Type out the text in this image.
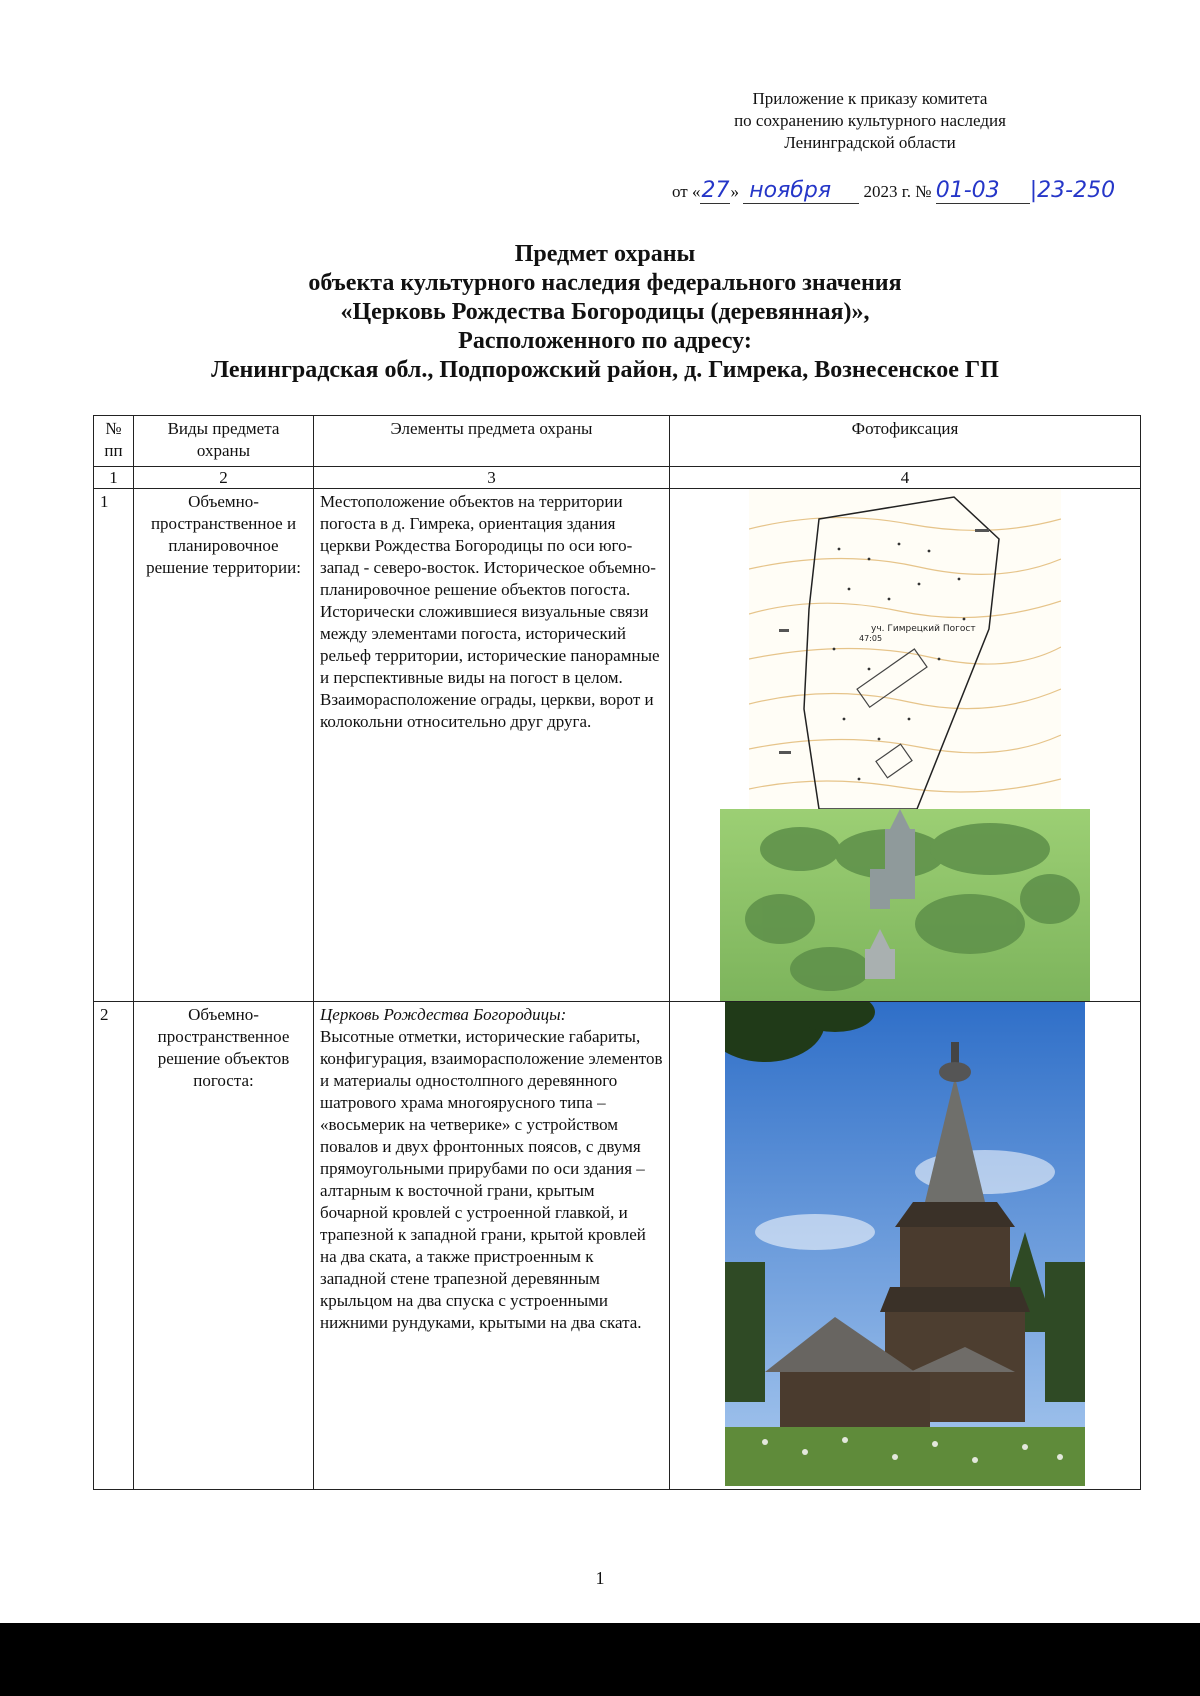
Приложение к приказу комитета
по сохранению культурного наследия
Ленинградской области
от «27» ноября 2023 г. № 01-03 |23-250
Предмет охраны
объекта культурного наследия федерального значения
«Церковь Рождества Богородицы (деревянная)»,
Расположенного по адресу:
Ленинградская обл., Подпорожский район, д. Гимрека, Вознесенское ГП
№ пп	Виды предмета охраны	Элементы предмета охраны	Фотофиксация
1	2	3	4
1	Объемно-пространственное и планировочное решение территории:	Местоположение объектов на территории погоста в д. Гимрека, ориентация здания церкви Рождества Богородицы по оси юго-запад - северо-восток. Историческое объемно-планировочное решение объектов погоста. Исторически сложившиеся визуальные связи между элементами погоста, исторический рельеф территории, исторические панорамные и перспективные виды на погост в целом. Взаиморасположение ограды, церкви, ворот и колокольни относительно друг друга.	уч. Гимрецкий Погост
47:05

2	Объемно-пространственное решение объектов погоста:	Церковь Рождества Богородицы:
Высотные отметки, исторические габариты, конфигурация, взаиморасположение элементов и материалы одностолпного деревянного шатрового храма многоярусного типа – «восьмерик на четверике» с устройством повалов и двух фронтонных поясов, с двумя прямоугольными прирубами по оси здания – алтарным к восточной грани, крытым бочарной кровлей с устроенной главкой, и трапезной к западной грани, крытой кровлей на два ската, а также пристроенным к западной стене трапезной деревянным крыльцом на два спуска с устроенными нижними рундуками, крытыми на два ската.

1
